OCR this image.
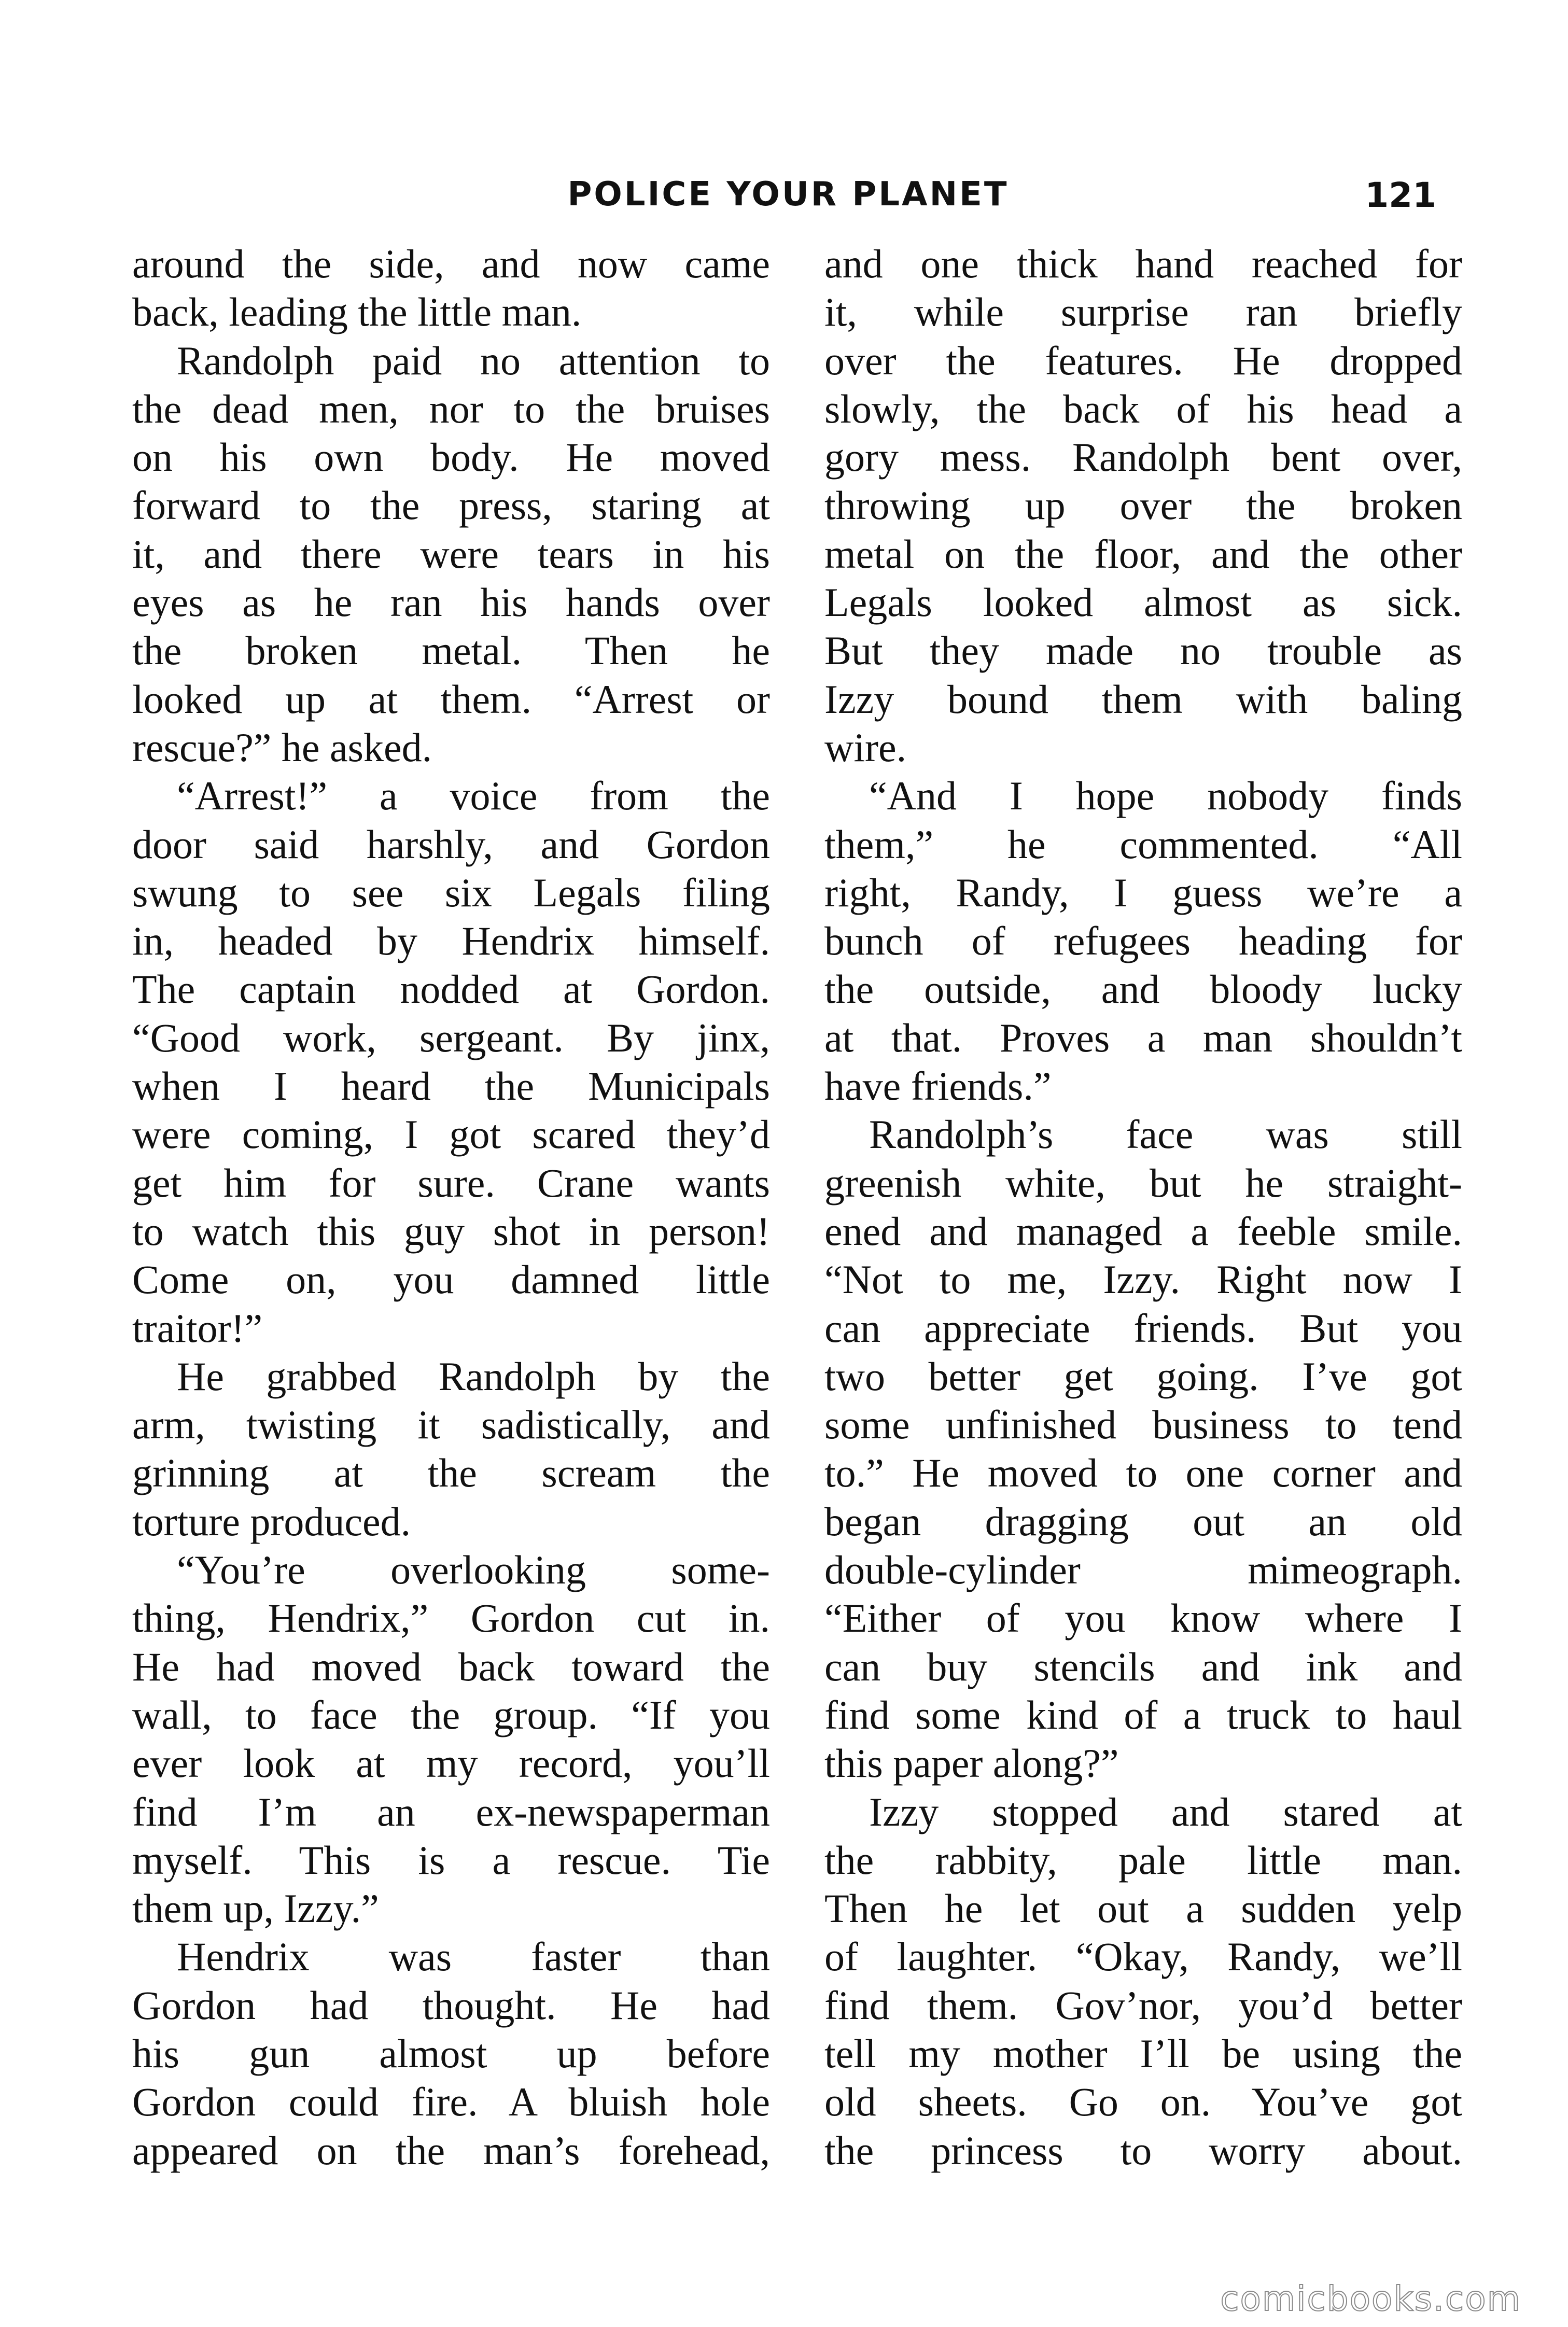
POLICE YOUR PLANET	121
around the side, and now came
back, leading the little man.
Randolph paid no attention to
the dead men, nor to the bruises
on his own body. He moved
forward to the press, staring at
it, and there were tears in his
eyes as he ran his hands over
the broken metal. Then he
looked up at them. “Arrest or
rescue?” he asked.
“Arrest!” a voice from the
door said harshly, and Gordon
swung to see six Legals filing
in, headed by Hendrix himself.
The captain nodded at Gordon.
“Good work, sergeant. By jinx,
when I heard the Municipals
were coming, I got scared they’d
get him for sure. Crane wants
to watch this guy shot in person!
Come on, you damned little
traitor!”
He grabbed Randolph by the
arm, twisting it sadistically, and
grinning at the scream the
torture produced.
“You’re overlooking some-
thing, Hendrix,” Gordon cut in.
He had moved back toward the
wall, to face the group. “If you
ever look at my record, you’ll
find I’m an ex-newspaperman
myself. This is a rescue. Tie
them up, Izzy.”
Hendrix was faster than
Gordon had thought. He had
his gun almost up before
Gordon could fire. A bluish hole
appeared on the man’s forehead,
and one thick hand reached for
it, while surprise ran briefly
over the features. He dropped
slowly, the back of his head a
gory mess. Randolph bent over,
throwing up over the broken
metal on the floor, and the other
Legals looked almost as sick.
But they made no trouble as
Izzy bound them with baling
wire.
“And I hope nobody finds
them,” he commented. “All
right, Randy, I guess we’re a
bunch of refugees heading for
the outside, and bloody lucky
at that. Proves a man shouldn’t
have friends.”
Randolph’s face was still
greenish white, but he straight-
ened and managed a feeble smile.
“Not to me, Izzy. Right now I
can appreciate friends. But you
two better get going. I’ve got
some unfinished business to tend
to.” He moved to one corner and
began dragging out an old
double-cylinder mimeograph.
“Either of you know where I
can buy stencils and ink and
find some kind of a truck to haul
this paper along?”
Izzy stopped and stared at
the rabbity, pale little man.
Then he let out a sudden yelp
of laughter. “Okay, Randy, we’ll
find them. Gov’nor, you’d better
tell my mother I’ll be using the
old sheets. Go on. You’ve got
the princess to worry about.
comicbooks.com
